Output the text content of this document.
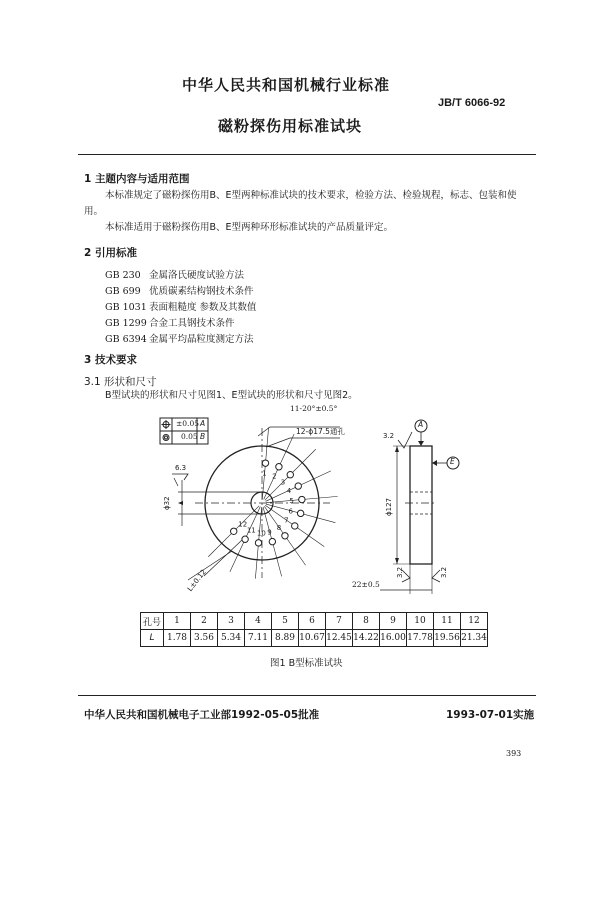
中华人民共和国机械行业标准
JB/T 6066-92
磁粉探伤用标准试块
1 主题内容与适用范围
本标准规定了磁粉探伤用B、E型两种标准试块的技术要求，检验方法、检验规程，标志、包装和使
用。
本标准适用于磁粉探伤用B、E型两种环形标准试块的产品质量评定。
2 引用标准
GB 230 金属洛氏硬度试验方法
GB 699 优质碳素结构钢技术条件
GB 1031 表面粗糙度 参数及其数值
GB 1299 合金工具钢技术条件
GB 6394 金属平均晶粒度测定方法
3 技术要求
3.1 形状和尺寸
B型试块的形状和尺寸见图1、E型试块的形状和尺寸见图2。
1 2
3
4
5
6
7
8
9
10
11
12
±0.05 A
0.05 B
11-20°±0.5°
12-ϕ17.5通孔
6.3
ϕ32
L±0.12
ϕ127
3.2
3.2	3.2
22±0.5
A
E
孔号	1	2	3	4	5	6	7	8	9	10	11	12
L	1.78	3.56	5.34	7.11	8.89	10.67	12.45	14.22	16.00	17.78	19.56	21.34
图1 B型标准试块
中华人民共和国机械电子工业部1992-05-05批准	1993-07-01实施
393
